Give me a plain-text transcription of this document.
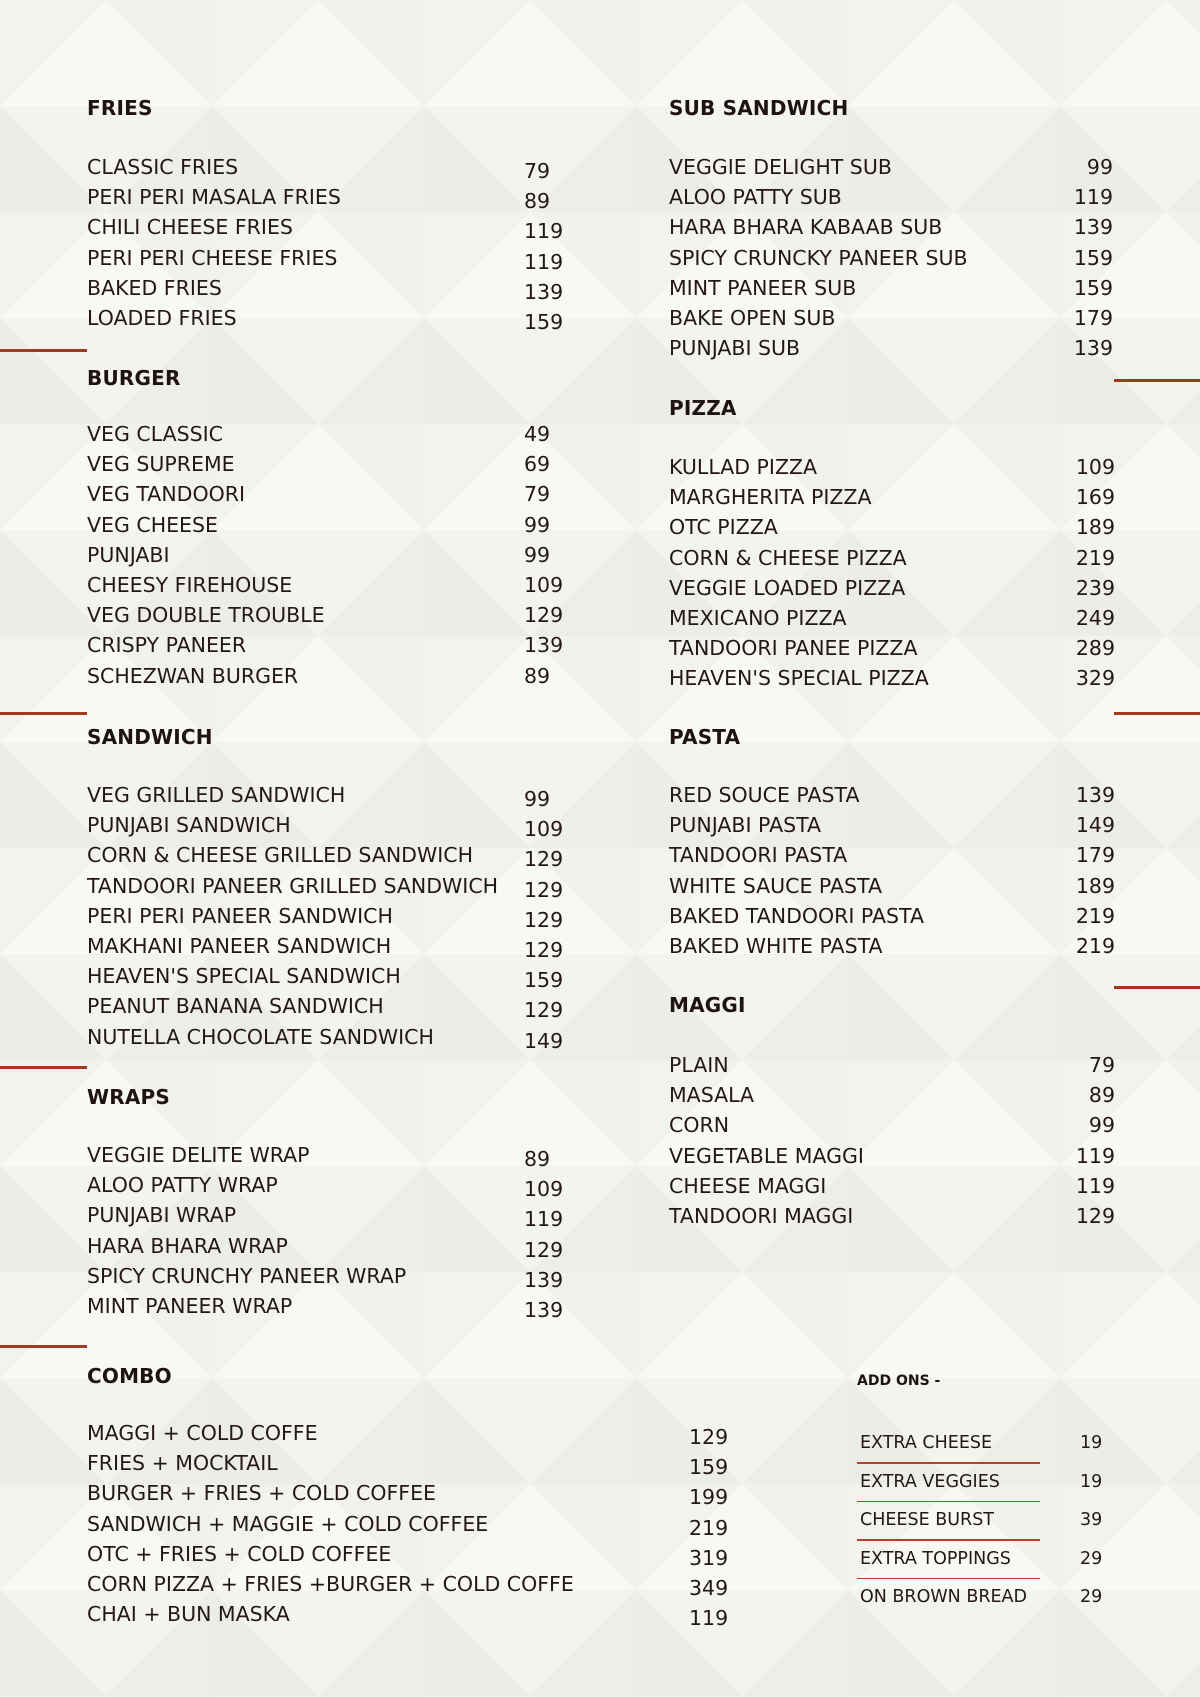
FRIES
CLASSIC FRIES	79
PERI PERI MASALA FRIES	89
CHILI CHEESE FRIES	119
PERI PERI CHEESE FRIES	119
BAKED FRIES	139
LOADED FRIES	159
BURGER
VEG CLASSIC	49
VEG SUPREME	69
VEG TANDOORI	79
VEG CHEESE	99
PUNJABI	99
CHEESY FIREHOUSE	109
VEG DOUBLE TROUBLE	129
CRISPY PANEER	139
SCHEZWAN BURGER	89
SANDWICH
VEG GRILLED SANDWICH	99
PUNJABI SANDWICH	109
CORN & CHEESE GRILLED SANDWICH 129
TANDOORI PANEER GRILLED SANDWICH 129
PERI PERI PANEER SANDWICH	129
MAKHANI PANEER SANDWICH	129
HEAVEN'S SPECIAL SANDWICH	159
PEANUT BANANA SANDWICH	129
NUTELLA CHOCOLATE SANDWICH	149
WRAPS
VEGGIE DELITE WRAP	89
ALOO PATTY WRAP	109
PUNJABI WRAP	119
HARA BHARA WRAP	129
SPICY CRUNCHY PANEER WRAP	139
MINT PANEER WRAP	139
SUB SANDWICH
VEGGIE DELIGHT SUB	99
ALOO PATTY SUB	119
HARA BHARA KABAAB SUB	139
SPICY CRUNCKY PANEER SUB	159
MINT PANEER SUB	159
BAKE OPEN SUB	179
PUNJABI SUB	139
PIZZA
KULLAD PIZZA	109
MARGHERITA PIZZA	169
OTC PIZZA	189
CORN & CHEESE PIZZA	219
VEGGIE LOADED PIZZA	239
MEXICANO PIZZA	249
TANDOORI PANEE PIZZA	289
HEAVEN'S SPECIAL PIZZA	329
PASTA
RED SOUCE PASTA	139
PUNJABI PASTA	149
TANDOORI PASTA	179
WHITE SAUCE PASTA	189
BAKED TANDOORI PASTA	219
BAKED WHITE PASTA	219
MAGGI
PLAIN	79
MASALA	89
CORN	99
VEGETABLE MAGGI	119
CHEESE MAGGI	119
TANDOORI MAGGI	129
COMBO
MAGGI + COLD COFFE	129
FRIES + MOCKTAIL	159
BURGER + FRIES + COLD COFFEE	199
SANDWICH + MAGGIE + COLD COFFEE	219
OTC + FRIES + COLD COFFEE	319
CORN PIZZA + FRIES +BURGER + COLD COFFE	349
CHAI + BUN MASKA	119
ADD ONS -
EXTRA CHEESE	19
EXTRA VEGGIES	19
CHEESE BURST	39
EXTRA TOPPINGS	29
ON BROWN BREAD	29
